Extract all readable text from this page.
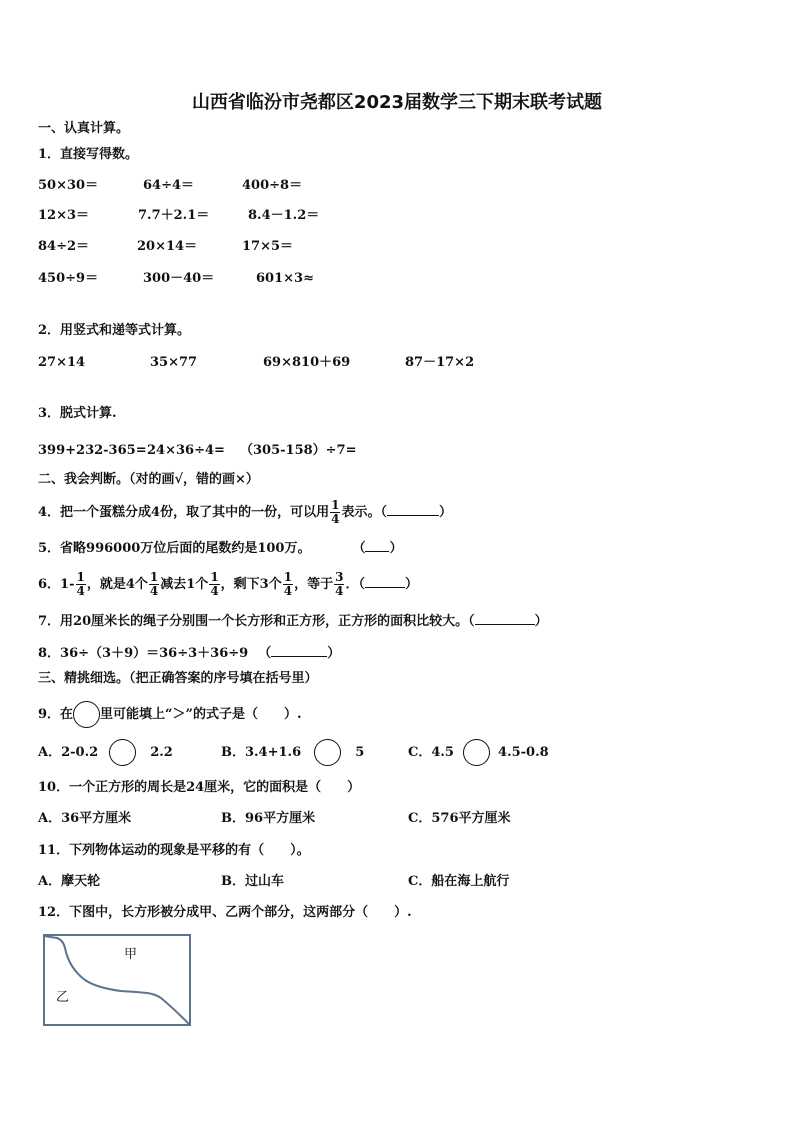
山西省临汾市尧都区2023届数学三下期末联考试题
一、认真计算。
1．直接写得数。
50×30＝	64÷4＝	400÷8＝
12×3＝	7.7＋2.1＝	8.4－1.2＝
84÷2＝	20×14＝	17×5＝
450÷9＝	300－40＝	601×3≈
2．用竖式和递等式计算。
27×14	35×77	69×810＋69	87－17×2
3．脱式计算.
399+232-365= 24×36÷4= （305-158）÷7=
二、我会判断。（对的画√，错的画×）
4．把一个蛋糕分成4份，取了其中的一份，可以用 $\frac{1}{4}$ 表示。（	）
5．省略996000万位后面的尾数约是100万。	（ ）
6．$1- \frac{1}{4}$ ，就是4个 $\frac{1}{4}$ 减去1个 $\frac{1}{4}$ ，剩下3个 $\frac{1}{4}$ ，等于 $\frac{3}{4}$ ．（	）
7．用20厘米长的绳子分别围一个长方形和正方形，正方形的面积比较大。（	）
8．36÷（3＋9）＝36÷3＋36÷9 （	）
三、精挑细选。（把正确答案的序号填在括号里）
9．在 里可能填上“＞”的式子是（　　）.
A．2-0.2	2.2	B．3.4+1.6	5	C．4.5	4.5-0.8
10．一个正方形的周长是24厘米，它的面积是（　　）
A．36平方厘米	B．96平方厘米	C．576平方厘米
11．下列物体运动的现象是平移的有（　　）。
A．摩天轮	B．过山车	C．船在海上航行
12．下图中，长方形被分成甲、乙两个部分，这两部分（　　）.
甲
乙
